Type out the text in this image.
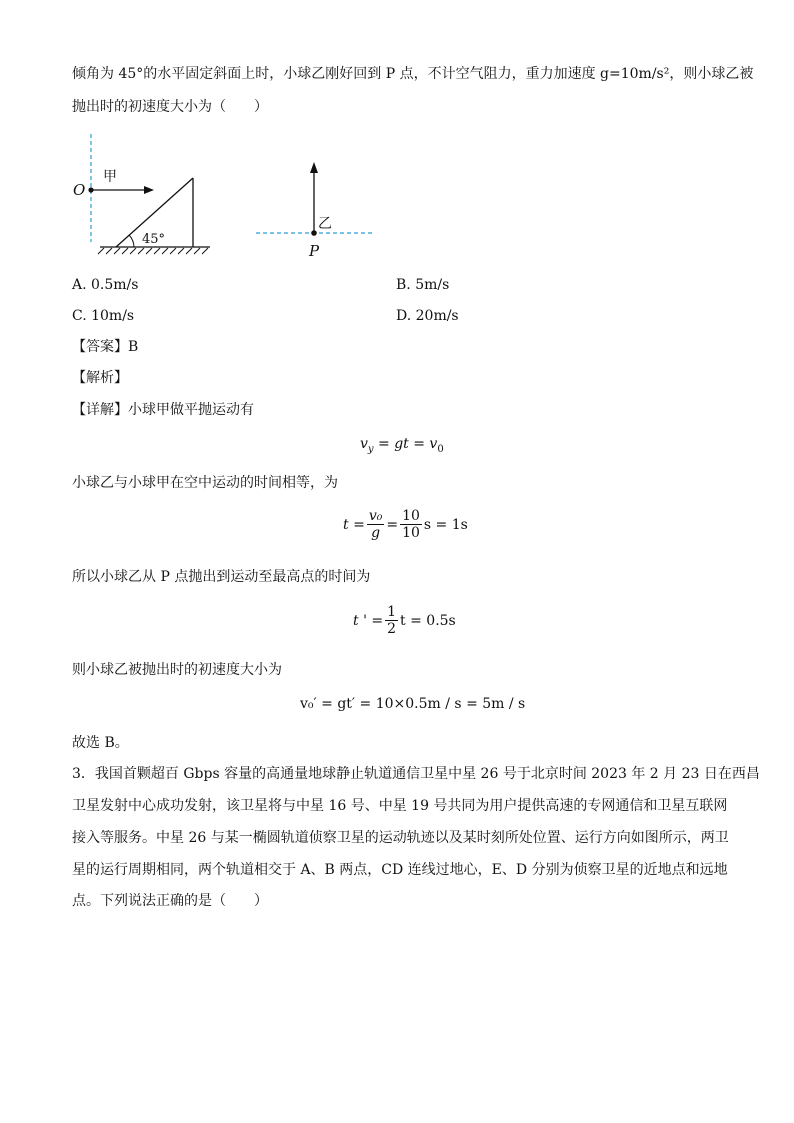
倾角为 45°的水平固定斜面上时，小球乙刚好回到 P 点，不计空气阻力，重力加速度 g=10m/s²，则小球乙被
抛出时的初速度大小为（　　）
O
甲
45°
乙
P
A. 0.5m/s	B. 5m/s
C. 10m/s	D. 20m/s
【答案】B
【解析】
【详解】小球甲做平抛运动有
$v_y$ = gt = $v_0$
小球乙与小球甲在空中运动的时间相等，为
$t = \frac{\text{v₀}}{g} = \frac{10}{10}$ s = 1s
所以小球乙从 P 点抛出到运动至最高点的时间为
t ' = $\frac{1}{2}$ t = 0.5s
则小球乙被抛出时的初速度大小为
v₀′ = gt′ = 10×0.5m / s = 5m / s
故选 B。
3．我国首颗超百 Gbps 容量的高通量地球静止轨道通信卫星中星 26 号于北京时间 2023 年 2 月 23 日在西昌
卫星发射中心成功发射，该卫星将与中星 16 号、中星 19 号共同为用户提供高速的专网通信和卫星互联网
接入等服务。中星 26 与某一椭圆轨道侦察卫星的运动轨迹以及某时刻所处位置、运行方向如图所示，两卫
星的运行周期相同，两个轨道相交于 A、B 两点，CD 连线过地心，E、D 分别为侦察卫星的近地点和远地
点。下列说法正确的是（　　）
